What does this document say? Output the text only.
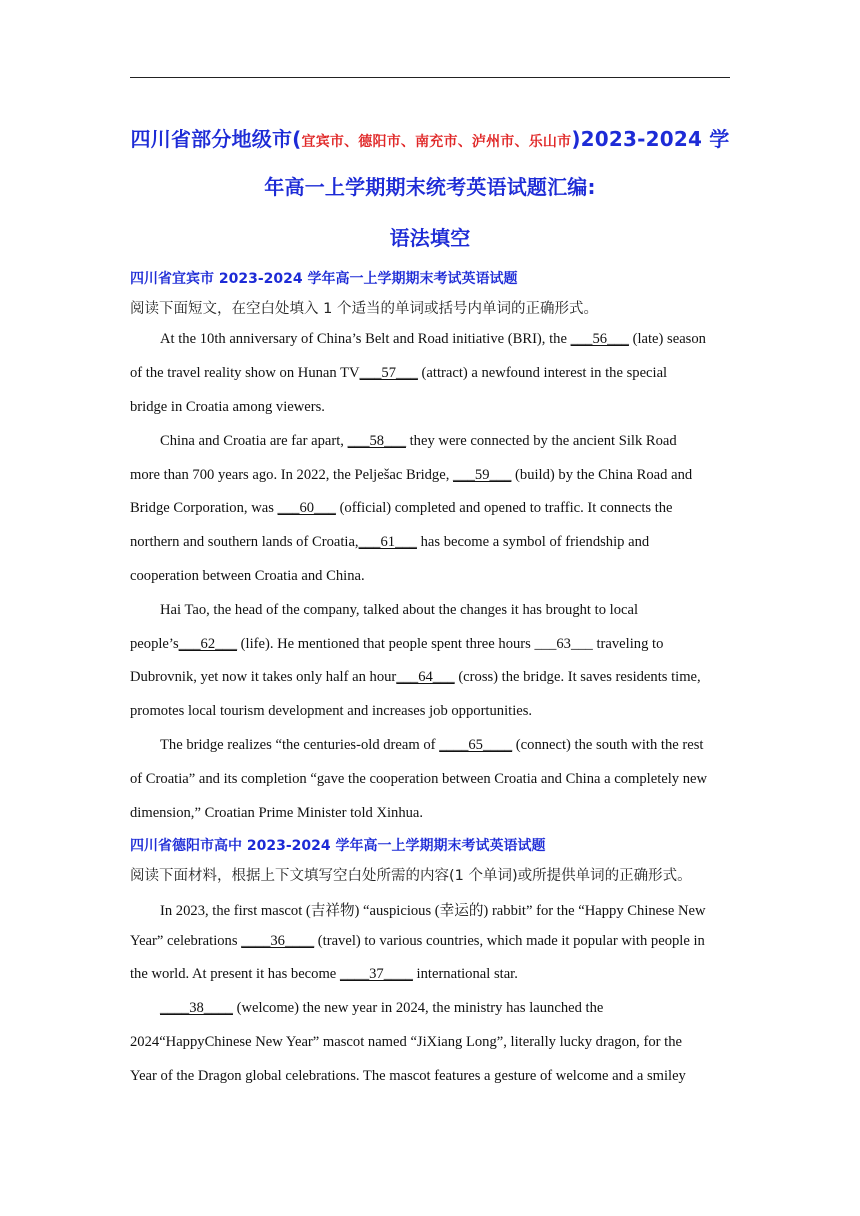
四川省部分地级市(宜宾市、德阳市、南充市、泸州市、乐山市)2023-2024 学
年高一上学期期末统考英语试题汇编:
语法填空
四川省宜宾市 2023-2024 学年高一上学期期末考试英语试题
阅读下面短文，在空白处填入 1 个适当的单词或括号内单词的正确形式。
At the 10th anniversary of China’s Belt and Road initiative (BRI), the ___56___ (late) season
of the travel reality show on Hunan TV___57___ (attract) a newfound interest in the special
bridge in Croatia among viewers.
China and Croatia are far apart, ___58___ they were connected by the ancient Silk Road
more than 700 years ago. In 2022, the Pelješac Bridge, ___59___ (build) by the China Road and
Bridge Corporation, was ___60___ (official) completed and opened to traffic. It connects the
northern and southern lands of Croatia,___61___ has become a symbol of friendship and
cooperation between Croatia and China.
Hai Tao, the head of the company, talked about the changes it has brought to local
people’s___62___ (life). He mentioned that people spent three hours ___63___ traveling to
Dubrovnik, yet now it takes only half an hour___64___ (cross) the bridge. It saves residents time,
promotes local tourism development and increases job opportunities.
The bridge realizes “the centuries-old dream of ____65____ (connect) the south with the rest
of Croatia” and its completion “gave the cooperation between Croatia and China a completely new
dimension,” Croatian Prime Minister told Xinhua.
四川省德阳市高中 2023-2024 学年高一上学期期末考试英语试题
阅读下面材料，根据上下文填写空白处所需的内容(1 个单词)或所提供单词的正确形式。
In 2023, the first mascot (吉祥物) “auspicious (幸运的) rabbit” for the “Happy Chinese New
Year” celebrations ____36____ (travel) to various countries, which made it popular with people in
the world. At present it has become ____37____ international star.
____38____ (welcome) the new year in 2024, the ministry has launched the
2024“HappyChinese New Year” mascot named “JiXiang Long”, literally lucky dragon, for the
Year of the Dragon global celebrations. The mascot features a gesture of welcome and a smiley
